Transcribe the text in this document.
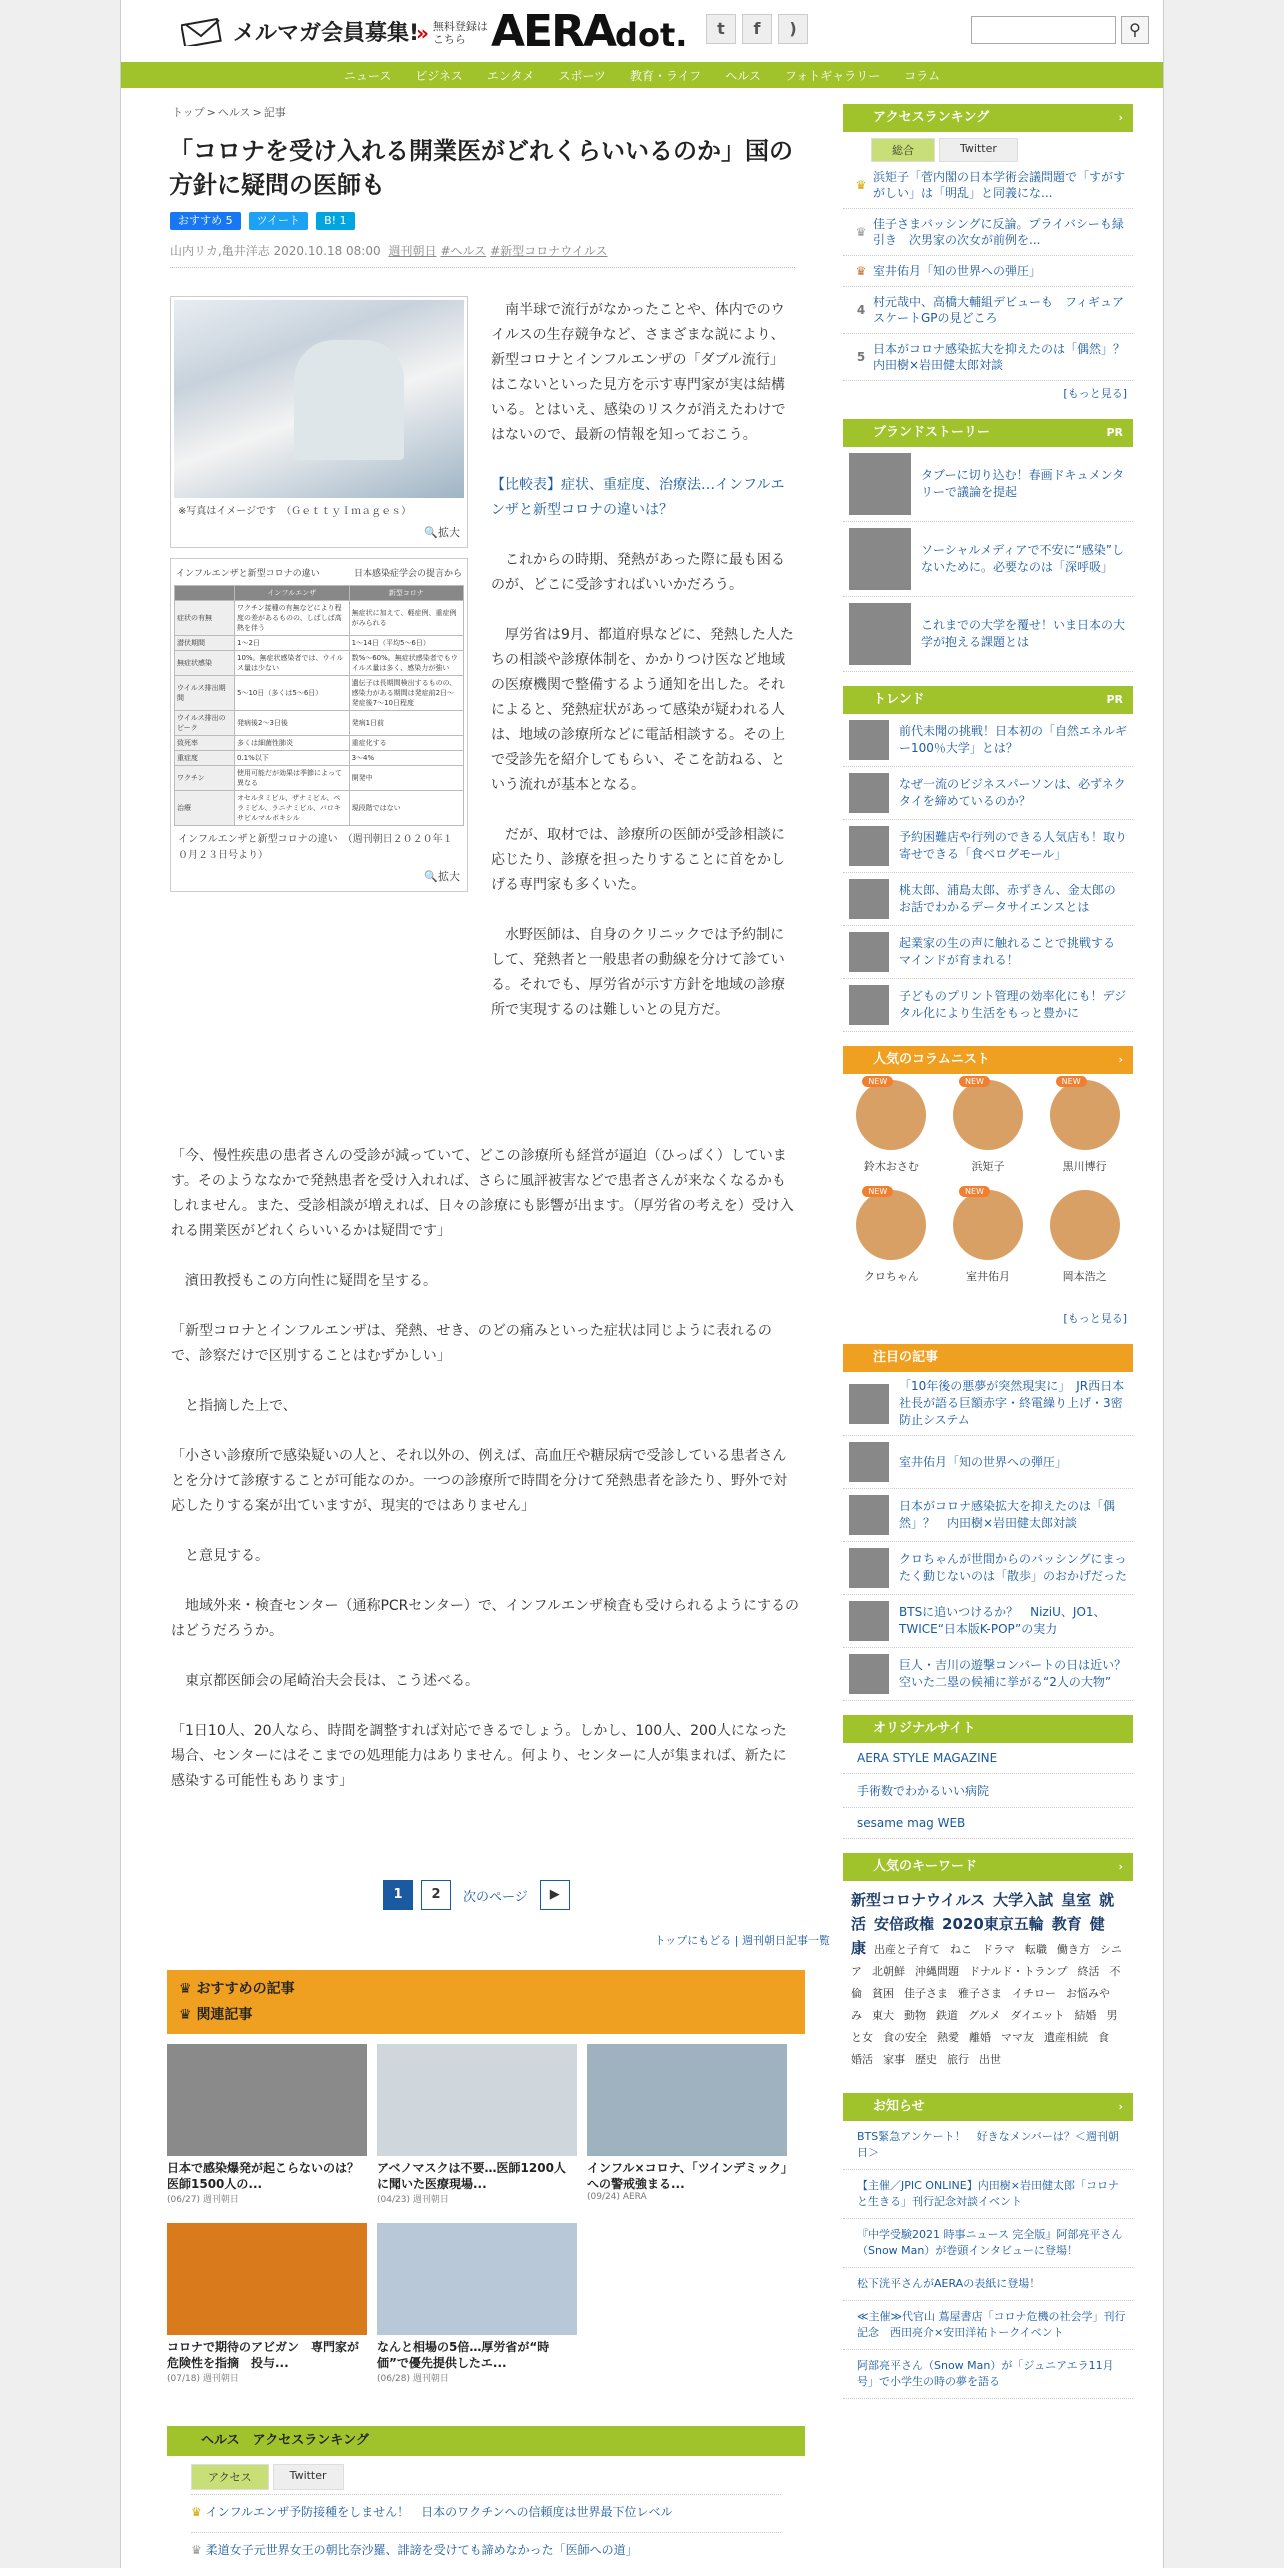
メルマガ会員募集!
» 無料登録は
こちら AERAdot.	t	f	)	⚲
ニュース ビジネス エンタメ スポーツ 教育・ライフ ヘルス フォトギャラリー コラム
トップ > ヘルス > 記事
「コロナを受け入れる開業医がどれくらいいるのか」国の方針に疑問の医師も
おすすめ 5	ツイート	B! 1
山内リカ,亀井洋志 2020.10.18 08:00 週刊朝日 #ヘルス #新型コロナウイルス
※写真はイメージです　（ＧｅｔｔｙＩｍａｇｅｓ）
🔍拡大
インフルエンザと新型コロナの違い	日本感染症学会の提言から
	インフルエンザ	新型コロナ
症状の有無	ワクチン接種の有無などにより程度の差があるものの、しばしば高熱を伴う	無症状に加えて、軽症例、重症例がみられる
潜伏期間	1〜2日	1〜14日（平均5〜6日）
無症状感染	10%。無症状感染者では、ウイルス量は少ない	数%〜60%。無症状感染者でもウイルス量は多く、感染力が強い
ウイルス排出期間	5〜10日（多くは5〜6日）	遺伝子は長期間検出するものの、感染力がある期間は発症前2日〜発症後7〜10日程度
ウイルス排出のピーク	発病後2〜3日後	発病1日前
致死率	多くは細菌性肺炎	重症化する
重症度	0.1%以下	3〜4%
ワクチン	使用可能だが効果は季節によって異なる	開発中
治療	オセルタミビル、ザナミビル、ペラミビル、ラニナミビル、バロキサビルマルボキシル	現段階ではない
インフルエンザと新型コロナの違い　（週刊朝日２０２０年１０月２３日号より）
🔍拡大

南半球で流行がなかったことや、体内でのウイルスの生存競争など、さまざまな説により、新型コロナとインフルエンザの「ダブル流行」はこないといった見方を示す専門家が実は結構いる。とはいえ、感染のリスクが消えたわけではないので、最新の情報を知っておこう。

【比較表】症状、重症度、治療法…インフルエンザと新型コロナの違いは？

これからの時期、発熱があった際に最も困るのが、どこに受診すればいいかだろう。

厚労省は9月、都道府県などに、発熱した人たちの相談や診療体制を、かかりつけ医など地域の医療機関で整備するよう通知を出した。それによると、発熱症状があって感染が疑われる人は、地域の診療所などに電話相談する。その上で受診先を紹介してもらい、そこを訪ねる、という流れが基本となる。

だが、取材では、診療所の医師が受診相談に応じたり、診療を担ったりすることに首をかしげる専門家も多くいた。

水野医師は、自身のクリニックでは予約制にして、発熱者と一般患者の動線を分けて診ている。それでも、厚労省が示す方針を地域の診療所で実現するのは難しいとの見方だ。

「今、慢性疾患の患者さんの受診が減っていて、どこの診療所も経営が逼迫（ひっぱく）しています。そのようななかで発熱患者を受け入れれば、さらに風評被害などで患者さんが来なくなるかもしれません。また、受診相談が増えれば、日々の診療にも影響が出ます。（厚労省の考えを）受け入れる開業医がどれくらいいるかは疑問です」

濱田教授もこの方向性に疑問を呈する。

「新型コロナとインフルエンザは、発熱、せき、のどの痛みといった症状は同じように表れるので、診察だけで区別することはむずかしい」

と指摘した上で、

「小さい診療所で感染疑いの人と、それ以外の、例えば、高血圧や糖尿病で受診している患者さんとを分けて診療することが可能なのか。一つの診療所で時間を分けて発熱患者を診たり、野外で対応したりする案が出ていますが、現実的ではありません」

と意見する。

地域外来・検査センター（通称PCRセンター）で、インフルエンザ検査も受けられるようにするのはどうだろうか。

東京都医師会の尾崎治夫会長は、こう述べる。

「1日10人、20人なら、時間を調整すれば対応できるでしょう。しかし、100人、200人になった場合、センターにはそこまでの処理能力はありません。何より、センターに人が集まれば、新たに感染する可能性もあります」

1	2	次のページ	▶
トップにもどる | 週刊朝日記事一覧
♛ おすすめの記事
♛ 関連記事
日本で感染爆発が起こらないのは？　医師1500人の...
(06/27) 週刊朝日
アベノマスクは不要…医師1200人に聞いた医療現場...
(04/23) 週刊朝日
インフル×コロナ、「ツインデミック」への警戒強まる...
(09/24) AERA
コロナで期待のアビガン　専門家が危険性を指摘　投与...
(07/18) 週刊朝日
なんと相場の5倍…厚労省が“時価”で優先提供したエ...
(06/28) 週刊朝日
ヘルス　アクセスランキング
アクセス	Twitter
♛ インフルエンザ予防接種をしません！　日本のワクチンへの信頼度は世界最下位レベル
♛ 柔道女子元世界女王の朝比奈沙羅、誹謗を受けても諦めなかった「医師への道」
アクセスランキング	›
総合	Twitter
♛
浜矩子「菅内閣の日本学術会議問題で「すがすがしい」は「明乱」と同義にな...
♛
佳子さまバッシングに反論。プライバシーも緑引き　次男家の次女が前例を...
♛ 室井佑月「知の世界への弾圧」
4
村元哉中、高橋大輔組デビューも　フィギュアスケートGPの見どころ
5
日本がコロナ感染拡大を抑えたのは「偶然」？　内田樹×岩田健太郎対談
[もっと見る]
ブランドストーリー	PR
タブーに切り込む！春画ドキュメンタリーで議論を提起
ソーシャルメディアで不安に“感染”しないために。必要なのは「深呼吸」
これまでの大学を覆せ！いま日本の大学が抱える課題とは
トレンド	PR
前代未聞の挑戦！日本初の「自然エネルギー100％大学」とは？
なぜ一流のビジネスパーソンは、必ずネクタイを締めているのか？
予約困難店や行列のできる人気店も！取り寄せできる「食べログモール」
桃太郎、浦島太郎、赤ずきん、金太郎のお話でわかるデータサイエンスとは
起業家の生の声に触れることで挑戦するマインドが育まれる！
子どものプリント管理の効率化にも！デジタル化により生活をもっと豊かに
人気のコラムニスト	›
NEW
鈴木おさむ
NEW	浜矩子
NEW	黒川博行
NEW
クロちゃん
NEW	室井佑月	岡本浩之
[もっと見る]
注目の記事
「10年後の悪夢が突然現実に」　JR西日本社長が語る巨額赤字・終電繰り上げ・3密防止システム
室井佑月「知の世界への弾圧」
日本がコロナ感染拡大を抑えたのは「偶然」？　内田樹×岩田健太郎対談
クロちゃんが世間からのバッシングにまったく動じないのは「散歩」のおかげだった
BTSに追いつけるか？　NiziU、JO1、TWICE“日本版K-POP”の実力
巨人・吉川の遊撃コンバートの日は近い？ 空いた二塁の候補に挙がる“2人の大物”
オリジナルサイト
AERA STYLE MAGAZINE
手術数でわかるいい病院
sesame mag WEB
人気のキーワード	›
新型コロナウイルス 大学入試 皇室 就活 安倍政権 2020東京五輪 教育 健康 出産と子育て ねこ ドラマ 転職 働き方 シニア 北朝鮮 沖縄問題 ドナルド・トランプ 終活 不倫 貧困 佳子さま 雅子さま イチロー お悩みやみ 東大 動物 鉄道 グルメ ダイエット 結婚 男と女 食の安全 熱愛 離婚 ママ友 遺産相続 食婚活 家事 歴史 旅行 出世
お知らせ	›
BTS緊急アンケート！　好きなメンバーは？＜週刊朝日＞
【主催／JPIC ONLINE】内田樹×岩田健太郎「コロナと生きる」刊行記念対談イベント
『中学受験2021 時事ニュース 完全版』阿部亮平さん（Snow Man）が巻頭インタビューに登場！
松下洸平さんがAERAの表紙に登場！
≪主催≫代官山 蔦屋書店「コロナ危機の社会学」刊行記念　西田亮介×安田洋祐トークイベント
阿部亮平さん（Snow Man）が「ジュニアエラ11月号」で小学生の時の夢を語る
